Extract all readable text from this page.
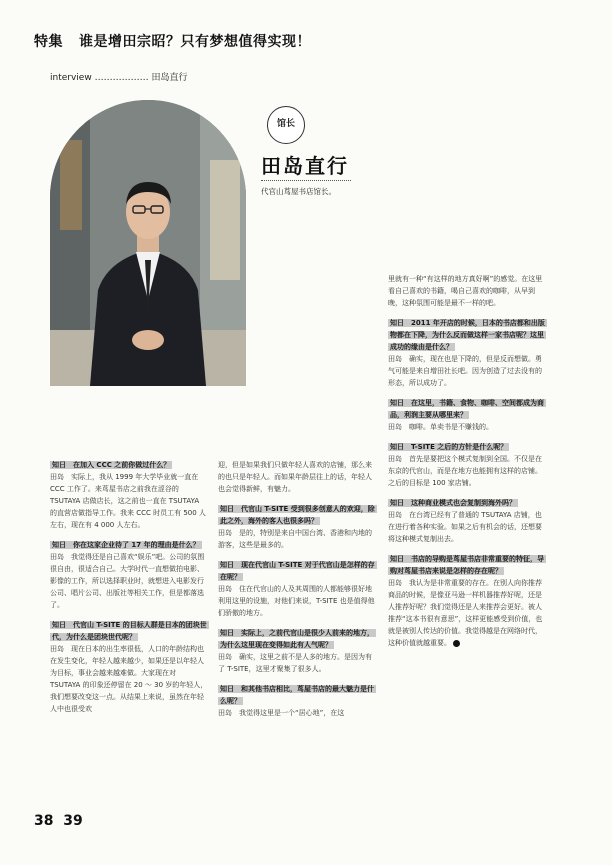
特集 谁是增田宗昭？只有梦想值得实现！
interview ……………… 田岛直行
馆长
田岛直行
代官山茑屋书店馆长。

知日　在加入 CCC 之前你做过什么？
田岛　实际上，我从 1999 年大学毕业就一直在 CCC 工作了。来茑屋书店之前我在涩谷的 TSUTAYA 店做店长，这之前也一直在 TSUTAYA 的直营店做指导工作。我来 CCC 时员工有 500 人左右，现在有 4 000 人左右。

知日　你在这家企业待了 17 年的理由是什么？
田岛　我觉得还是自己喜欢“娱乐”吧。公司的氛围很自由，很适合自己。大学时代一直想做拍电影、影像的工作，所以选择职业时，就想进入电影发行公司、唱片公司、出版社等相关工作，但是都落选了。

知日　代官山 T-SITE 的目标人群是日本的团块世代，为什么是团块世代呢？
田岛　现在日本的出生率很低，人口的年龄结构也在发生变化，年轻人越来越少，如果还是以年轻人为目标，事业会越来越难做。大家现在对 TSUTAYA 的印象还停留在 20 ～ 30 岁的年轻人，我们想要改变这一点。从结果上来说，虽然在年轻人中也很受欢

迎，但是如果我们只做年轻人喜欢的店铺，那么来的也只是年轻人。而如果年龄层往上的话，年轻人也会觉得新鲜，有魅力。

知日　代官山 T-SITE 受到很多创意人的欢迎，除此之外，海外的客人也很多吗？
田岛　是的，特别是来自中国台湾、香港和内地的游客，这些是最多的。

知日　现在代官山 T-SITE 对于代官山是怎样的存在呢？
田岛　住在代官山的人及其周围的人都能够很好地利用这里的设施，对他们来说，T-SITE 也是值得他们骄傲的地方。

知日　实际上，之前代官山是很少人前来的地方，为什么这里现在变得如此有人气呢？
田岛　确实，这里之前不是人多的地方。是因为有了 T-SITE，这里才聚集了很多人。

知日　和其他书店相比，茑屋书店的最大魅力是什么呢？
田岛　我觉得这里是一个“居心地”，在这

里就有一种“有这样的地方真好啊”的感觉。在这里看自己喜欢的书籍，喝自己喜欢的咖啡，从早到晚，这种氛围可能是最不一样的吧。

知日　2011 年开店的时候，日本的书店都和出版物都在下降，为什么反而做这样一家书店呢？这里成功的缘由是什么？
田岛　确实，现在也是下降的，但是反而想做。勇气可能是来自增田社长吧。因为创造了过去没有的形态，所以成功了。

知日　在这里，书籍、食物、咖啡、空间都成为商品，利润主要从哪里来？
田岛　咖啡。单卖书是不赚钱的。

知日　T-SITE 之后的方针是什么呢？
田岛　首先是要把这个模式复制到全国。不仅是在东京的代官山，而是在地方也能拥有这样的店铺。之后的目标是 100 家店铺。

知日　这种商业模式也会复制到海外吗？
田岛　在台湾已经有了普通的 TSUTAYA 店铺，也在进行着各种实验。如果之后有机会的话，还想要将这种模式复制出去。

知日　书店的导购是茑屋书店非常重要的特征，导购对茑屋书店来说是怎样的存在呢？
田岛　我认为是非常重要的存在。在别人向你推荐商品的时候，是像亚马逊一样机器推荐好呢，还是人推荐好呢？我们觉得还是人来推荐会更好。被人推荐“这本书很有意思”，这样更能感受到价值，也就是被别人传达的价值。我觉得越是在网络时代，这种价值就越重要。

38 39
